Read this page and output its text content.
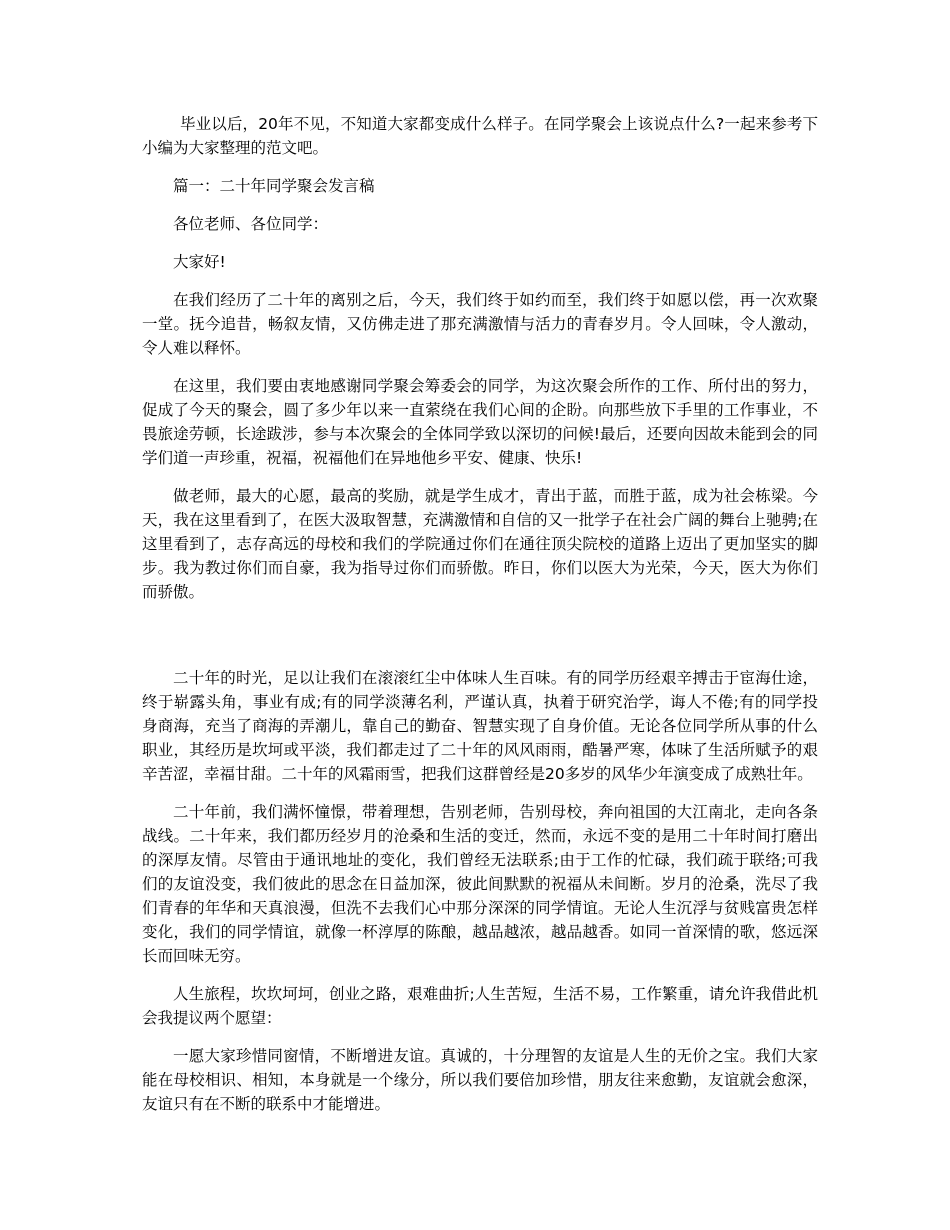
毕业以后，20年不见，不知道大家都变成什么样子。在同学聚会上该说点什么?一起来参考下小编为大家整理的范文吧。

篇一：二十年同学聚会发言稿

各位老师、各位同学：

大家好!

在我们经历了二十年的离别之后，今天，我们终于如约而至，我们终于如愿以偿，再一次欢聚一堂。抚今追昔，畅叙友情，又仿佛走进了那充满激情与活力的青春岁月。令人回味，令人激动，令人难以释怀。

在这里，我们要由衷地感谢同学聚会筹委会的同学，为这次聚会所作的工作、所付出的努力，促成了今天的聚会，圆了多少年以来一直萦绕在我们心间的企盼。向那些放下手里的工作事业，不畏旅途劳顿，长途跋涉，参与本次聚会的全体同学致以深切的问候!最后，还要向因故未能到会的同学们道一声珍重，祝福，祝福他们在异地他乡平安、健康、快乐!

做老师，最大的心愿，最高的奖励，就是学生成才，青出于蓝，而胜于蓝，成为社会栋梁。今天，我在这里看到了，在医大汲取智慧，充满激情和自信的又一批学子在社会广阔的舞台上驰骋;在这里看到了，志存高远的母校和我们的学院通过你们在通往顶尖院校的道路上迈出了更加坚实的脚步。我为教过你们而自豪，我为指导过你们而骄傲。昨日，你们以医大为光荣，今天，医大为你们而骄傲。

二十年的时光，足以让我们在滚滚红尘中体味人生百味。有的同学历经艰辛搏击于宦海仕途，终于崭露头角，事业有成;有的同学淡薄名利，严谨认真，执着于研究治学，诲人不倦;有的同学投身商海，充当了商海的弄潮儿，靠自己的勤奋、智慧实现了自身价值。无论各位同学所从事的什么职业，其经历是坎坷或平淡，我们都走过了二十年的风风雨雨，酷暑严寒，体味了生活所赋予的艰辛苦涩，幸福甘甜。二十年的风霜雨雪，把我们这群曾经是20多岁的风华少年演变成了成熟壮年。

二十年前，我们满怀憧憬，带着理想，告别老师，告别母校，奔向祖国的大江南北，走向各条战线。二十年来，我们都历经岁月的沧桑和生活的变迁，然而，永远不变的是用二十年时间打磨出的深厚友情。尽管由于通讯地址的变化，我们曾经无法联系;由于工作的忙碌，我们疏于联络;可我们的友谊没变，我们彼此的思念在日益加深，彼此间默默的祝福从未间断。岁月的沧桑，洗尽了我们青春的年华和天真浪漫，但洗不去我们心中那分深深的同学情谊。无论人生沉浮与贫贱富贵怎样变化，我们的同学情谊，就像一杯淳厚的陈酿，越品越浓，越品越香。如同一首深情的歌，悠远深长而回味无穷。

人生旅程，坎坎坷坷，创业之路，艰难曲折;人生苦短，生活不易，工作繁重，请允许我借此机会我提议两个愿望：

一愿大家珍惜同窗情，不断增进友谊。真诚的，十分理智的友谊是人生的无价之宝。我们大家能在母校相识、相知，本身就是一个缘分，所以我们要倍加珍惜，朋友往来愈勤，友谊就会愈深，友谊只有在不断的联系中才能增进。
